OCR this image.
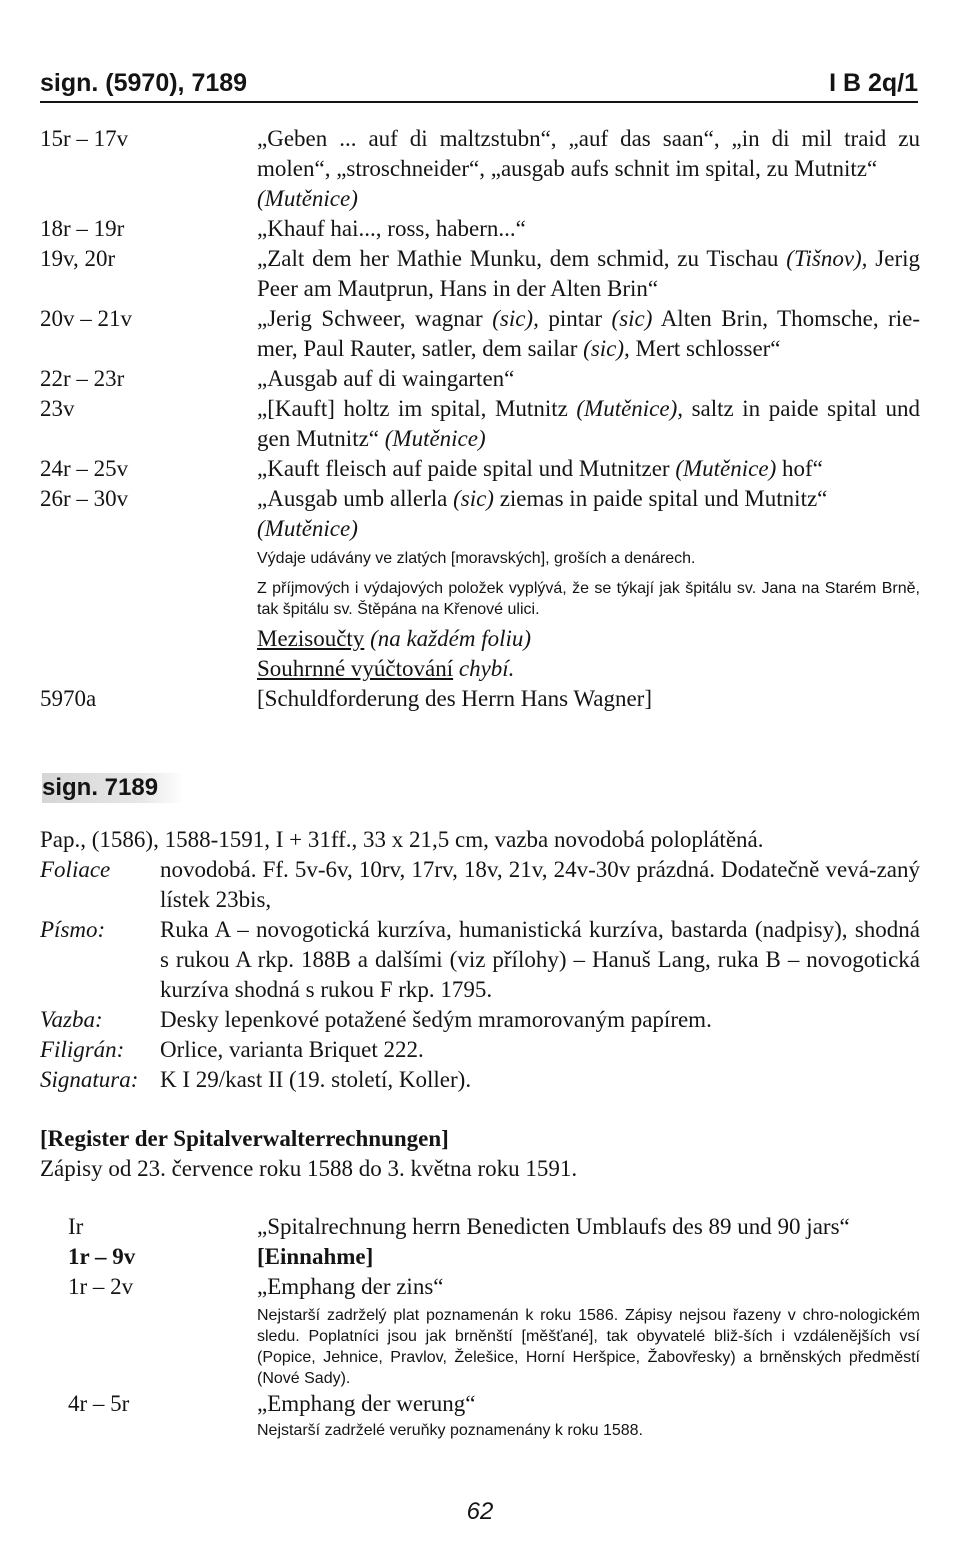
sign. (5970), 7189	I B 2q/1
15r – 17v	„Geben ... auf di maltzstubn“, „auf das saan“, „in di mil traid zu molen“, „stroschneider“, „ausgab aufs schnit im spital, zu Mutnitz“
(Mutěnice)
18r – 19r	„Khauf hai..., ross, habern...“
19v, 20r	„Zalt dem her Mathie Munku, dem schmid, zu Tischau (Tišnov), Jerig Peer am Mautprun, Hans in der Alten Brin“
20v – 21v	„Jerig Schweer, wagnar (sic), pintar (sic) Alten Brin, Thomsche, rie-mer, Paul Rauter, satler, dem sailar (sic), Mert schlosser“
22r – 23r	„Ausgab auf di waingarten“
23v	„[Kauft] holtz im spital, Mutnitz (Mutěnice), saltz in paide spital und gen Mutnitz“ (Mutěnice)
24r – 25v	„Kauft fleisch auf paide spital und Mutnitzer (Mutěnice) hof“
26r – 30v	„Ausgab umb allerla (sic) ziemas in paide spital und Mutnitz“
(Mutěnice)
Výdaje udávány ve zlatých [moravských], groších a denárech.
Z příjmových i výdajových položek vyplývá, že se týkají jak špitálu sv. Jana na Starém Brně, tak špitálu sv. Štěpána na Křenové ulici.
Mezisoučty (na každém foliu)
Souhrnné vyúčtování chybí.
5970a	[Schuldforderung des Herrn Hans Wagner]
sign. 7189
Pap., (1586), 1588-1591, I + 31ff., 33 x 21,5 cm, vazba novodobá poloplátěná.
Foliace	novodobá. Ff. 5v-6v, 10rv, 17rv, 18v, 21v, 24v-30v prázdná. Dodatečně vevá-zaný lístek 23bis,
Písmo:	Ruka A – novogotická kurzíva, humanistická kurzíva, bastarda (nadpisy), shodná s rukou A rkp. 188B a dalšími (viz přílohy) – Hanuš Lang, ruka B – novogotická kurzíva shodná s rukou F rkp. 1795.
Vazba:	Desky lepenkové potažené šedým mramorovaným papírem.
Filigrán:	Orlice, varianta Briquet 222.
Signatura: K I 29/kast II (19. století, Koller).
[Register der Spitalverwalterrechnungen]
Zápisy od 23. července roku 1588 do 3. května roku 1591.
Ir	„Spitalrechnung herrn Benedicten Umblaufs des 89 und 90 jars“
1r – 9v	[Einnahme]
1r – 2v	„Emphang der zins“
Nejstarší zadrželý plat poznamenán k roku 1586. Zápisy nejsou řazeny v chro-nologickém sledu. Poplatníci jsou jak brněnští [měšťané], tak obyvatelé bliž-ších i vzdálenějších vsí (Popice, Jehnice, Pravlov, Želešice, Horní Heršpice, Žabovřesky) a brněnských předměstí (Nové Sady).
4r – 5r	„Emphang der werung“
Nejstarší zadrželé veruňky poznamenány k roku 1588.
62
